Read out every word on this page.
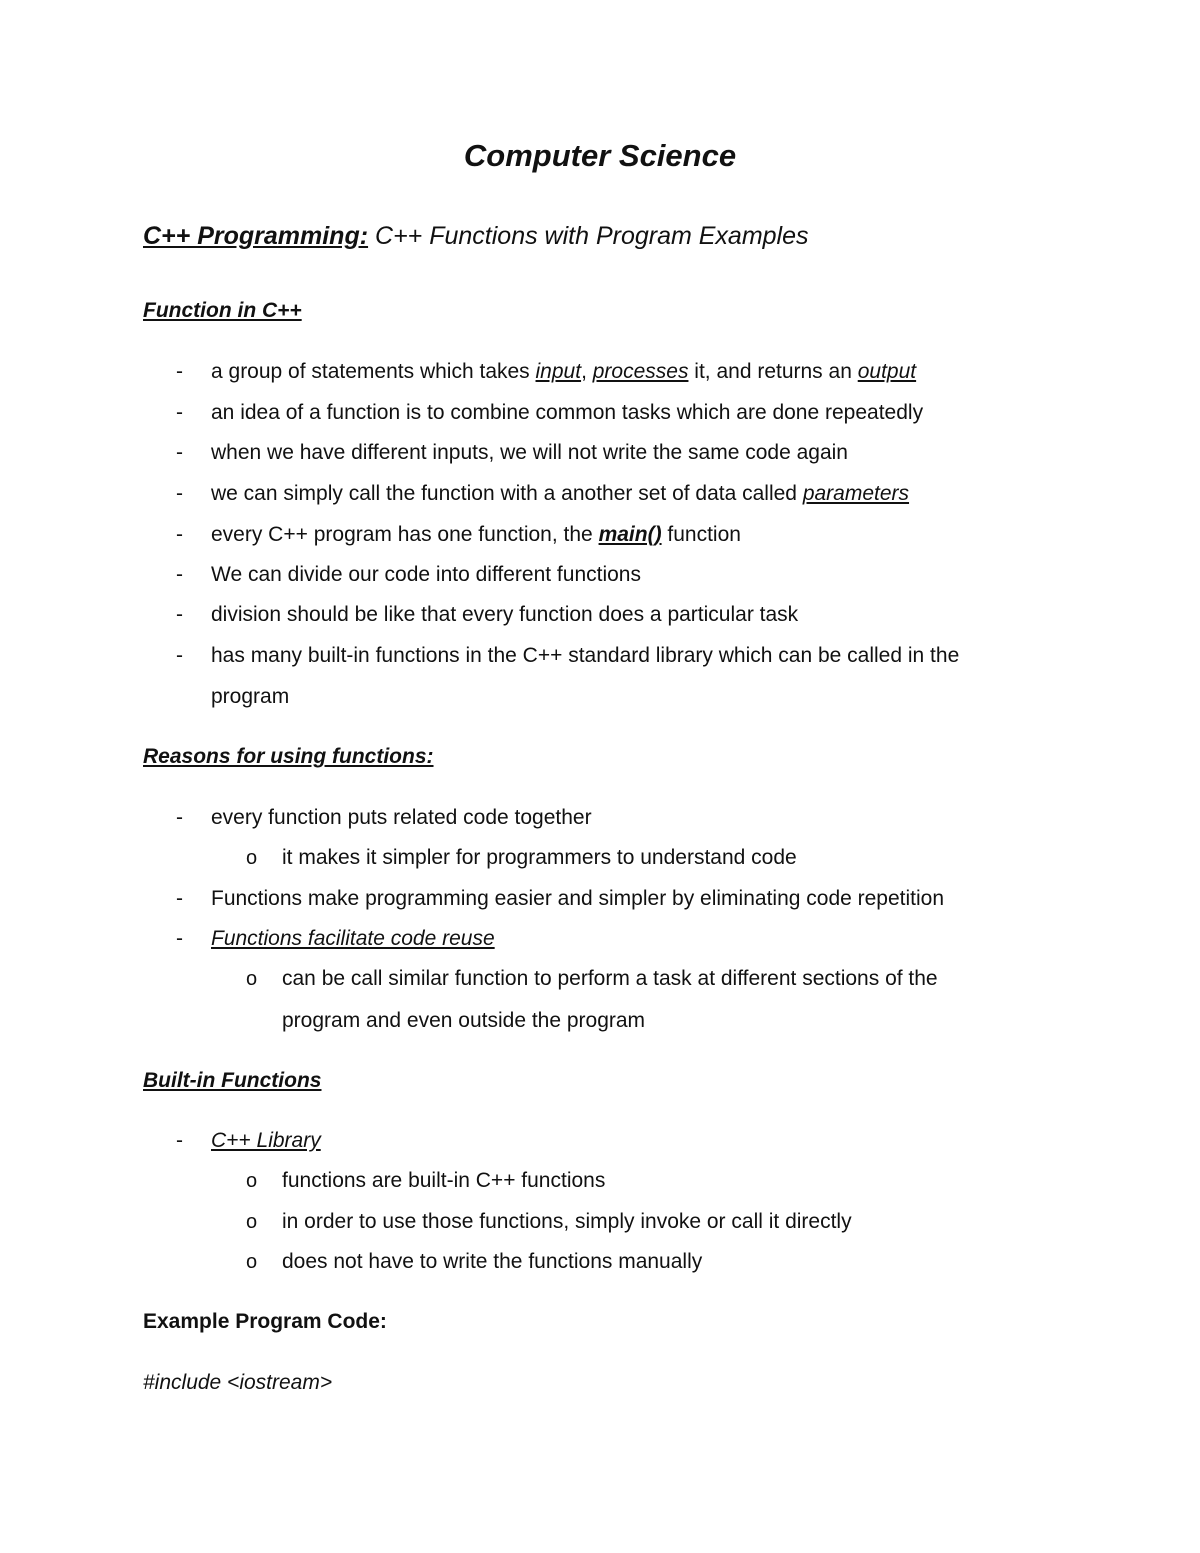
Computer Science
C++ Programming: C++ Functions with Program Examples
Function in C++
- a group of statements which takes input, processes it, and returns an output
- an idea of a function is to combine common tasks which are done repeatedly
- when we have different inputs, we will not write the same code again
- we can simply call the function with a another set of data called parameters
- every C++ program has one function, the main() function
- We can divide our code into different functions
- division should be like that every function does a particular task
- has many built-in functions in the C++ standard library which can be called in the
program
Reasons for using functions:
- every function puts related code together
o it makes it simpler for programmers to understand code
- Functions make programming easier and simpler by eliminating code repetition
- Functions facilitate code reuse
o can be call similar function to perform a task at different sections of the
program and even outside the program
Built-in Functions
- C++ Library
o functions are built-in C++ functions
o in order to use those functions, simply invoke or call it directly
o does not have to write the functions manually
Example Program Code:

#include <iostream>
